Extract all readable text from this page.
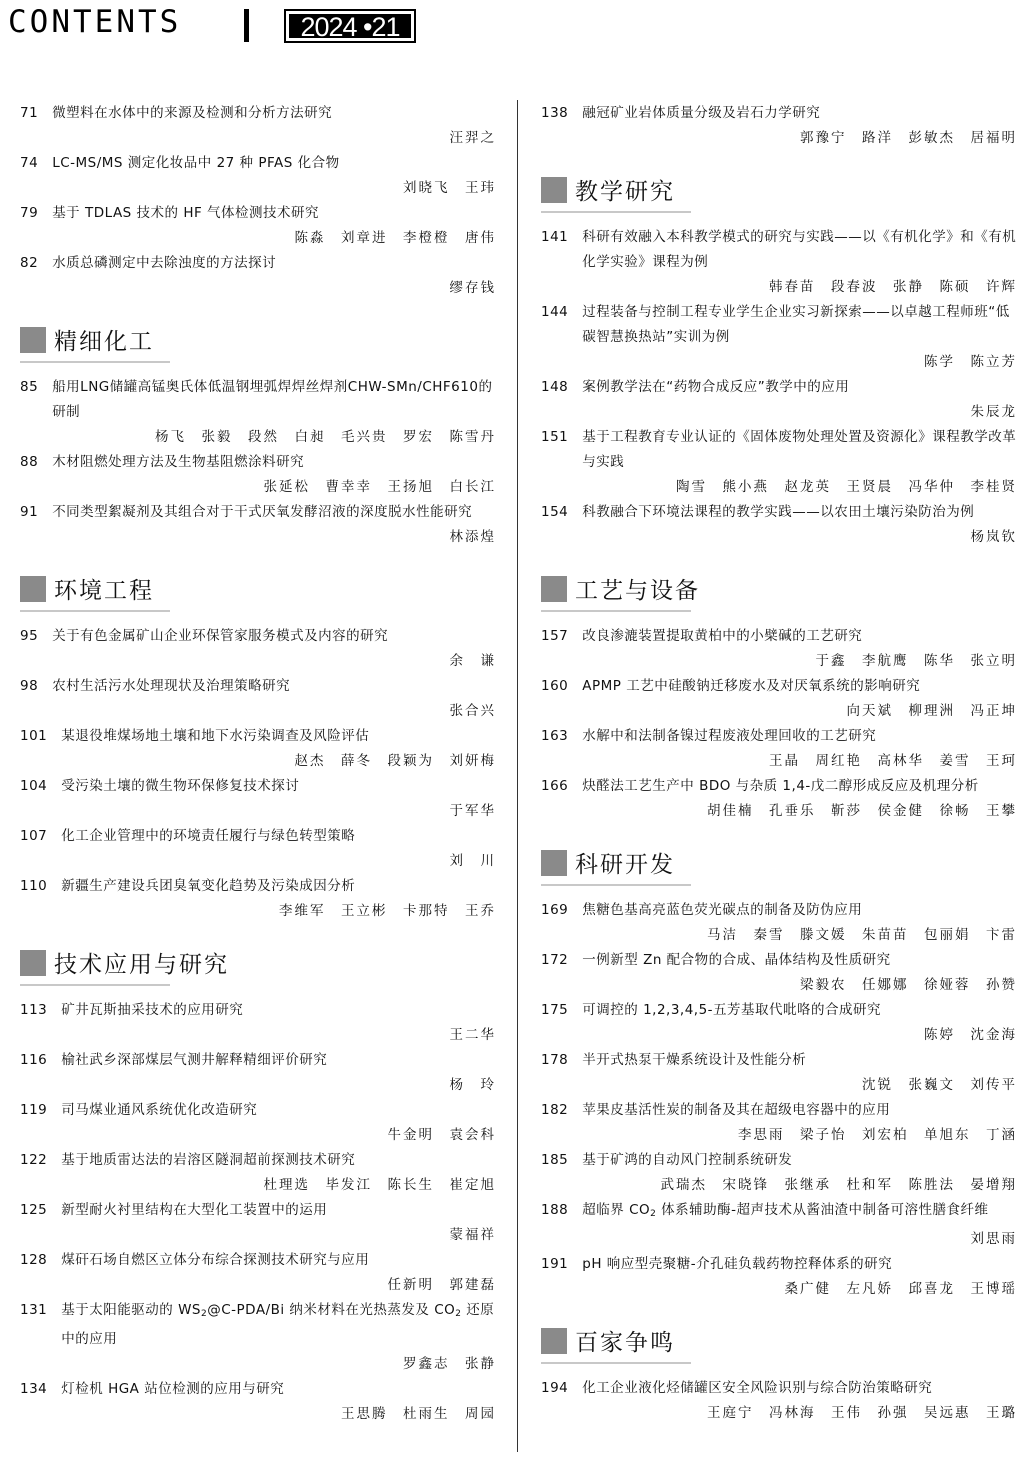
CONTENTS	2024 •21
71 微塑料在水体中的来源及检测和分析方法研究
汪羿之
74 LC-MS/MS 测定化妆品中 27 种 PFAS 化合物
刘晓飞　王玮
79 基于 TDLAS 技术的 HF 气体检测技术研究
陈淼　刘章进　李橙橙　唐伟
82 水质总磷测定中去除浊度的方法探讨
缪存钱
精细化工
85 船用LNG储罐高锰奥氏体低温钢埋弧焊焊丝焊剂CHW-SMn/CHF610的研制
杨飞　张毅　段然　白昶　毛兴贵　罗宏　陈雪丹
88 木材阻燃处理方法及生物基阻燃涂料研究
张延松　曹幸幸　王扬旭　白长江
91 不同类型絮凝剂及其组合对于干式厌氧发酵沼液的深度脱水性能研究
林添煌
环境工程
95 关于有色金属矿山企业环保管家服务模式及内容的研究
余　谦
98 农村生活污水处理现状及治理策略研究
张合兴
101 某退役堆煤场地土壤和地下水污染调查及风险评估
赵杰　薛冬　段颖为　刘妍梅
104 受污染土壤的微生物环保修复技术探讨
于军华
107 化工企业管理中的环境责任履行与绿色转型策略
刘　川
110 新疆生产建设兵团臭氧变化趋势及污染成因分析
李维军　王立彬　卡那特　王乔
技术应用与研究
113 矿井瓦斯抽采技术的应用研究
王二华
116 榆社武乡深部煤层气测井解释精细评价研究
杨　玲
119 司马煤业通风系统优化改造研究
牛金明　袁会科
122 基于地质雷达法的岩溶区隧洞超前探测技术研究
杜理选　毕发江　陈长生　崔定旭
125 新型耐火衬里结构在大型化工装置中的运用
蒙福祥
128 煤矸石场自燃区立体分布综合探测技术研究与应用
任新明　郭建磊
131 基于太阳能驱动的 $WS_2@C-PDA/Bi$ 纳米材料在光热蒸发及 $CO_2$ 还原中的应用
罗鑫志　张静
134 灯检机 HGA 站位检测的应用与研究
王思腾　杜雨生　周园
138 融冠矿业岩体质量分级及岩石力学研究
郭豫宁　路洋　彭敏杰　居福明
教学研究
141 科研有效融入本科教学模式的研究与实践——以《有机化学》和《有机化学实验》课程为例
韩春苗　段春波　张静　陈硕　许辉
144 过程装备与控制工程专业学生企业实习新探索——以卓越工程师班“低碳智慧换热站”实训为例
陈学　陈立芳
148 案例教学法在“药物合成反应”教学中的应用
朱辰龙
151 基于工程教育专业认证的《固体废物处理处置及资源化》课程教学改革与实践
陶雪　熊小燕　赵龙英　王贤晨　冯华仲　李桂贤
154 科教融合下环境法课程的教学实践——以农田土壤污染防治为例
杨岚钦
工艺与设备
157 改良渗漉装置提取黄柏中的小檗碱的工艺研究
于鑫　李航鹰　陈华　张立明
160 APMP 工艺中硅酸钠迁移废水及对厌氧系统的影响研究
向天斌　柳理洲　冯正坤
163 水解中和法制备镍过程废液处理回收的工艺研究
王晶　周红艳　高林华　姜雪　王珂
166 炔醛法工艺生产中 BDO 与杂质 1,4-戊二醇形成反应及机理分析
胡佳楠　孔垂乐　靳莎　侯金健　徐畅　王攀
科研开发
169 焦糖色基高亮蓝色荧光碳点的制备及防伪应用
马洁　秦雪　滕文媛　朱苗苗　包丽娟　卞雷
172 一例新型 Zn 配合物的合成、晶体结构及性质研究
梁毅农　任娜娜　徐娅蓉　孙赞
175 可调控的 1,2,3,4,5-五芳基取代吡咯的合成研究
陈婷　沈金海
178 半开式热泵干燥系统设计及性能分析
沈锐　张巍文　刘传平
182 苹果皮基活性炭的制备及其在超级电容器中的应用
李思雨　梁子怡　刘宏柏　单旭东　丁涵
185 基于矿鸿的自动风门控制系统研发
武瑞杰　宋晓锋　张继承　杜和军　陈胜法　晏增翔
188 超临界 $CO_2$ 体系辅助酶-超声技术从酱油渣中制备可溶性膳食纤维
刘思雨
191 pH 响应型壳聚糖-介孔硅负载药物控释体系的研究
桑广健　左凡娇　邱喜龙　王博瑶
百家争鸣
194 化工企业液化烃储罐区安全风险识别与综合防治策略研究
王庭宁　冯林海　王伟　孙强　吴远惠　王璐
